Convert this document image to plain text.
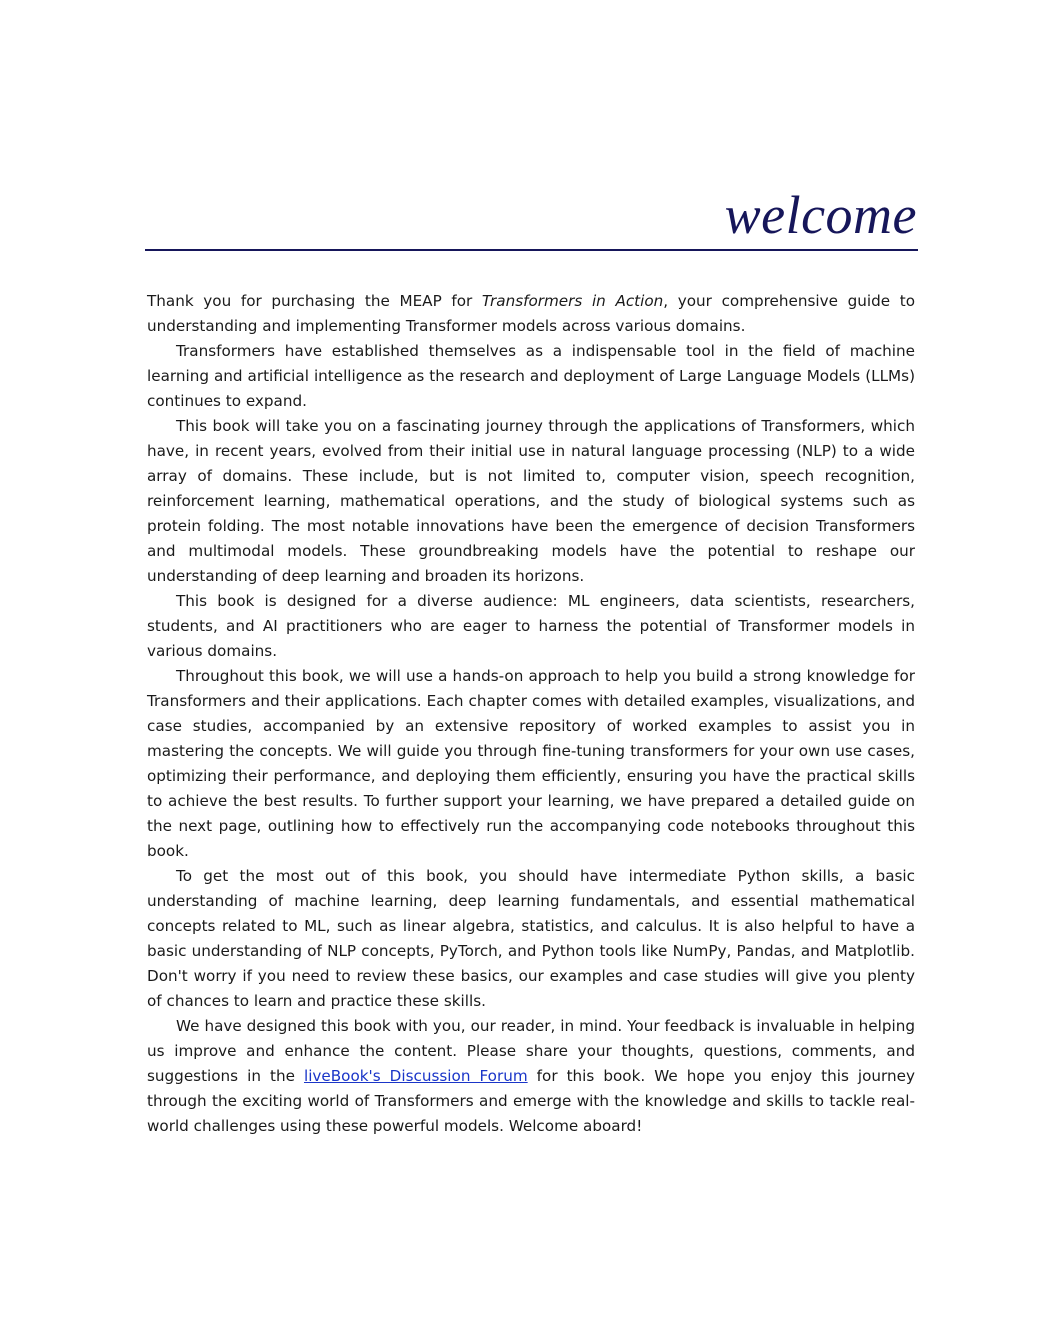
welcome

Thank you for purchasing the MEAP for Transformers in Action, your comprehensive guide to understanding and implementing Transformer models across various domains.

Transformers have established themselves as a indispensable tool in the field of machine learning and artificial intelligence as the research and deployment of Large Language Models (LLMs) continues to expand.

This book will take you on a fascinating journey through the applications of Transformers, which have, in recent years, evolved from their initial use in natural language processing (NLP) to a wide array of domains. These include, but is not limited to, computer vision, speech recognition, reinforcement learning, mathematical operations, and the study of biological systems such as protein folding. The most notable innovations have been the emergence of decision Transformers and multimodal models. These groundbreaking models have the potential to reshape our understanding of deep learning and broaden its horizons.

This book is designed for a diverse audience: ML engineers, data scientists, researchers, students, and AI practitioners who are eager to harness the potential of Transformer models in various domains.

Throughout this book, we will use a hands-on approach to help you build a strong knowledge for Transformers and their applications. Each chapter comes with detailed examples, visualizations, and case studies, accompanied by an extensive repository of worked examples to assist you in mastering the concepts. We will guide you through fine-tuning transformers for your own use cases, optimizing their performance, and deploying them efficiently, ensuring you have the practical skills to achieve the best results. To further support your learning, we have prepared a detailed guide on the next page, outlining how to effectively run the accompanying code notebooks throughout this book.

To get the most out of this book, you should have intermediate Python skills, a basic understanding of machine learning, deep learning fundamentals, and essential mathematical concepts related to ML, such as linear algebra, statistics, and calculus. It is also helpful to have a basic understanding of NLP concepts, PyTorch, and Python tools like NumPy, Pandas, and Matplotlib. Don't worry if you need to review these basics, our examples and case studies will give you plenty of chances to learn and practice these skills.

We have designed this book with you, our reader, in mind. Your feedback is invaluable in helping us improve and enhance the content. Please share your thoughts, questions, comments, and suggestions in the liveBook's Discussion Forum for this book. We hope you enjoy this journey through the exciting world of Transformers and emerge with the knowledge and skills to tackle real-world challenges using these powerful models. Welcome aboard!
